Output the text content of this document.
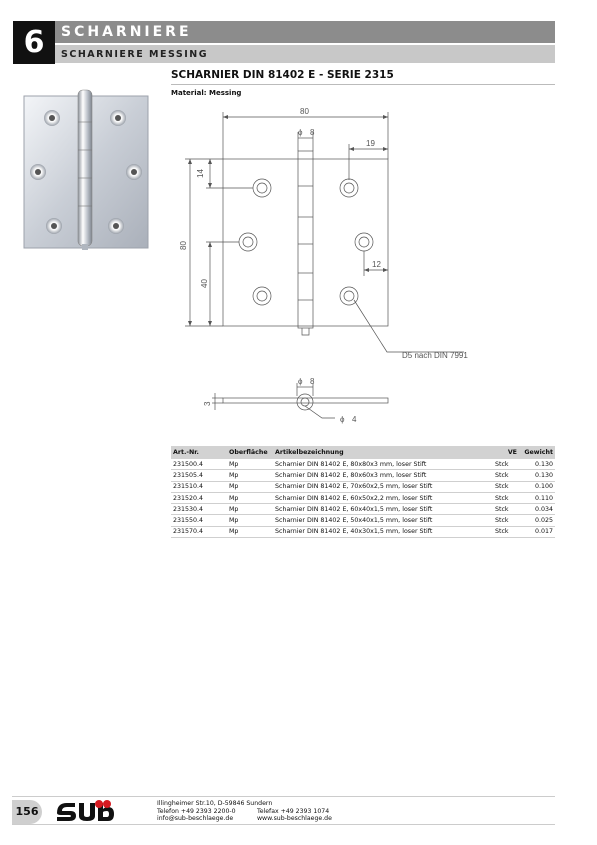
6	SCHARNIERE
SCHARNIERE MESSING
SCHARNIER DIN 81402 E - SERIE 2315
Material: Messing
80
ϕ 8
19
14
80
40
12
D5 nach DIN 7991
3
ϕ 8
ϕ 4
Art.-Nr.	Oberfläche	Artikelbezeichnung	VE	Gewicht
231500.4	Mp	Scharnier DIN 81402 E, 80x80x3 mm, loser Stift	Stck	0.130
231505.4	Mp	Scharnier DIN 81402 E, 80x60x3 mm, loser Stift	Stck	0.130
231510.4	Mp	Scharnier DIN 81402 E, 70x60x2,5 mm, loser Stift	Stck	0.100
231520.4	Mp	Scharnier DIN 81402 E, 60x50x2,2 mm, loser Stift	Stck	0.110
231530.4	Mp	Scharnier DIN 81402 E, 60x40x1,5 mm, loser Stift	Stck	0.034
231550.4	Mp	Scharnier DIN 81402 E, 50x40x1,5 mm, loser Stift	Stck	0.025
231570.4	Mp	Scharnier DIN 81402 E, 40x30x1,5 mm, loser Stift	Stck	0.017
156
Illingheimer Str.10, D-59846 Sundern
Telefon +49 2393 2200-0
info@sub-beschlaege.de
Telefax +49 2393 1074
www.sub-beschlaege.de
